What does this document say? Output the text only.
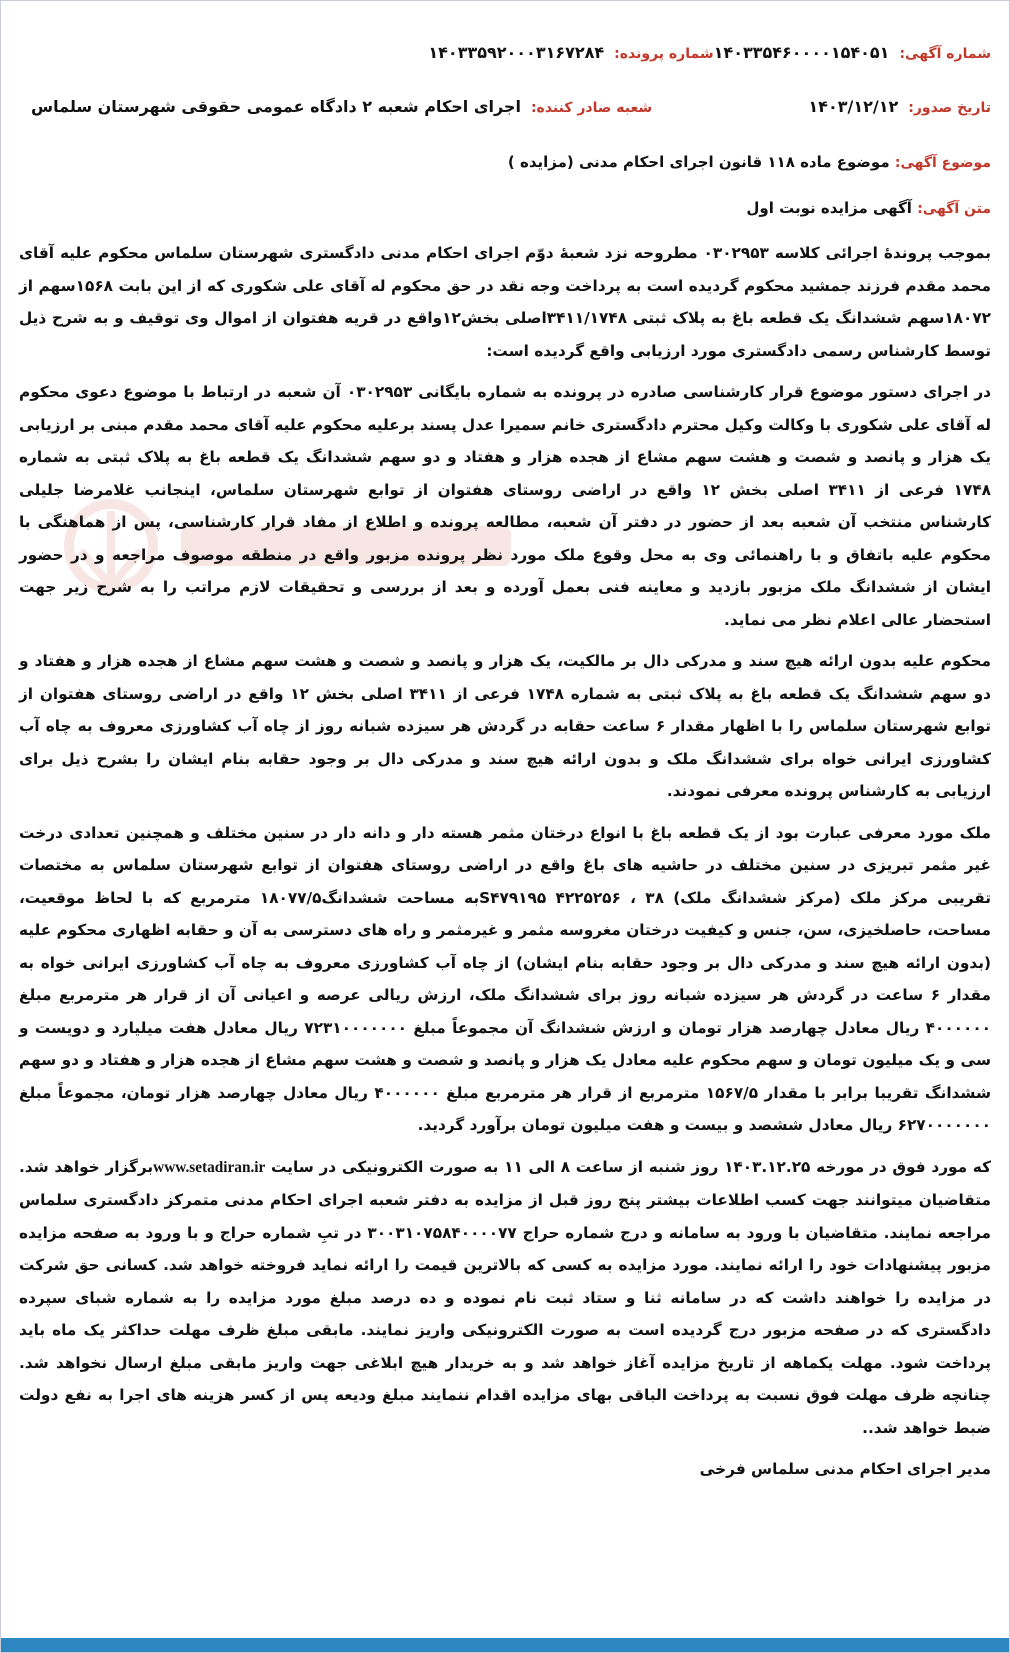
شماره آگهی:
۱۴۰۳۳۵۴۶۰۰۰۰۱۵۴۰۵۱
شماره پرونده:
۱۴۰۳۳۵۹۲۰۰۰۳۱۶۷۲۸۴
تاریخ صدور:
۱۴۰۳/۱۲/۱۲
شعبه صادر کننده:
اجرای احکام شعبه ۲ دادگاه عمومی حقوقی شهرستان سلماس
موضوع آگهی: موضوع ماده ۱۱۸ قانون اجرای احکام مدنی (مزایده )
متن آگهی: آگهی مزایده نوبت اول

بموجب پروندهٔ اجرائی کلاسه ۰۳۰۲۹۵۳ مطروحه نزد شعبهٔ دوّم اجرای احکام مدنی دادگستری شهرستان سلماس محکوم علیه آقای محمد مقدم فرزند جمشید محکوم گردیده است به پرداخت وجه نقد در حق محکوم له آقای علی شکوری که از این بابت ۱۵۶۸سهم از ۱۸۰۷۲سهم ششدانگ یک قطعه باغ به پلاک ثبتی ۳۴۱۱/۱۷۴۸اصلی بخش۱۲واقع در قریه هفتوان از اموال وی توقیف و به شرح ذیل توسط کارشناس رسمی دادگستری مورد ارزیابی واقع گردیده است:

در اجرای دستور موضوع قرار کارشناسی صادره در پرونده به شماره بایگانی ۰۳۰۲۹۵۳ آن شعبه در ارتباط با موضوع دعوی محکوم له آقای علی شکوری با وکالت وکیل محترم دادگستری خانم سمیرا عدل پسند برعلیه محکوم علیه آقای محمد مقدم مبنی بر ارزیابی یک هزار و پانصد و شصت و هشت سهم مشاع از هجده هزار و هفتاد و دو سهم ششدانگ یک قطعه باغ به پلاک ثبتی به شماره ۱۷۴۸ فرعی از ۳۴۱۱ اصلی بخش ۱۲ واقع در اراضی روستای هفتوان از توابع شهرستان سلماس، اینجانب غلامرضا جلیلی کارشناس منتخب آن شعبه بعد از حضور در دفتر آن شعبه، مطالعه پرونده و اطلاع از مفاد قرار کارشناسی، پس از هماهنگی با محکوم علیه باتفاق و با راهنمائی وی به محل وقوع ملک مورد نظر پرونده مزبور واقع در منطقه موصوف مراجعه و در حضور ایشان از ششدانگ ملک مزبور بازدید و معاینه فنی بعمل آورده و بعد از بررسی و تحقیقات لازم مراتب را به شرح زیر جهت استحضار عالی اعلام نظر می نماید.

محکوم علیه بدون ارائه هیچ سند و مدرکی دال بر مالکیت، یک هزار و پانصد و شصت و هشت سهم مشاع از هجده هزار و هفتاد و دو سهم ششدانگ یک قطعه باغ به پلاک ثبتی به شماره ۱۷۴۸ فرعی از ۳۴۱۱ اصلی بخش ۱۲ واقع در اراضی روستای هفتوان از توابع شهرستان سلماس را با اظهار مقدار ۶ ساعت حقابه در گردش هر سیزده شبانه روز از چاه آب کشاورزی معروف به چاه آب کشاورزی ایرانی خواه برای ششدانگ ملک و بدون ارائه هیچ سند و مدرکی دال بر وجود حقابه بنام ایشان را بشرح ذیل برای ارزیابی به کارشناس پرونده معرفی نمودند.

ملک مورد معرفی عبارت بود از یک قطعه باغ با انواع درختان مثمر هسته دار و دانه دار در سنین مختلف و همچنین تعدادی درخت غیر مثمر تبریزی در سنین مختلف در حاشیه های باغ واقع در اراضی روستای هفتوان از توابع شهرستان سلماس به مختصات تقریبی مرکز ملک (مرکز ششدانگ ملک) ۳۸ ، ۴۲۲۵۲۵۶ S۴۷۹۱۹۵به مساحت ششدانگ۱۸۰۷۷/۵ مترمربع که با لحاظ موقعیت، مساحت، حاصلخیزی، سن، جنس و کیفیت درختان مغروسه مثمر و غیرمثمر و راه های دسترسی به آن و حقابه اظهاری محکوم علیه (بدون ارائه هیچ سند و مدرکی دال بر وجود حقابه بنام ایشان) از چاه آب کشاورزی معروف به چاه آب کشاورزی ایرانی خواه به مقدار ۶ ساعت در گردش هر سیزده شبانه روز برای ششدانگ ملک، ارزش ریالی عرصه و اعیانی آن از قرار هر مترمربع مبلغ ۴۰۰۰۰۰۰ ریال معادل چهارصد هزار تومان و ارزش ششدانگ آن مجموعاً مبلغ ۷۲۳۱۰۰۰۰۰۰۰ ریال معادل هفت میلیارد و دویست و سی و یک میلیون تومان و سهم محکوم علیه معادل یک هزار و پانصد و شصت و هشت سهم مشاع از هجده هزار و هفتاد و دو سهم ششدانگ تقریبا برابر با مقدار ۱۵۶۷/۵ مترمربع از قرار هر مترمربع مبلغ ۴۰۰۰۰۰۰ ریال معادل چهارصد هزار تومان، مجموعاً مبلغ ۶۲۷۰۰۰۰۰۰۰ ریال معادل ششصد و بیست و هفت میلیون تومان برآورد گردید.

که مورد فوق در مورخه ۱۴۰۳.۱۲.۲۵ روز شنبه از ساعت ۸ الی ۱۱ به صورت الکترونیکی در سایت www.setadiran.irبرگزار خواهد شد. متقاضیان میتوانند جهت کسب اطلاعات بیشتر پنج روز قبل از مزایده به دفتر شعبه اجرای احکام مدنی متمرکز دادگستری سلماس مراجعه نمایند. متقاضیان با ورود به سامانه و درج شماره حراج ۳۰۰۳۱۰۷۵۸۴۰۰۰۰۷۷ در تبِ شماره حراج و با ورود به صفحه مزایده مزبور پیشنهادات خود را ارائه نمایند. مورد مزایده به کسی که بالاترین قیمت را ارائه نماید فروخته خواهد شد. کسانی حق شرکت در مزایده را خواهند داشت که در سامانه ثنا و ستاد ثبت نام نموده و ده درصد مبلغ مورد مزایده را به شماره شبای سپرده دادگستری که در صفحه مزبور درج گردیده است به صورت الکترونیکی واریز نمایند. مابقی مبلغ ظرف مهلت حداکثر یک ماه باید پرداخت شود. مهلت یکماهه از تاریخ مزایده آغاز خواهد شد و به خریدار هیچ ابلاغی جهت واریز مابقی مبلغ ارسال نخواهد شد. چنانچه ظرف مهلت فوق نسبت به پرداخت الباقی بهای مزایده اقدام ننمایند مبلغ ودیعه پس از کسر هزینه های اجرا به نفع دولت ضبط خواهد شد..

مدیر اجرای احکام مدنی سلماس فرخی
